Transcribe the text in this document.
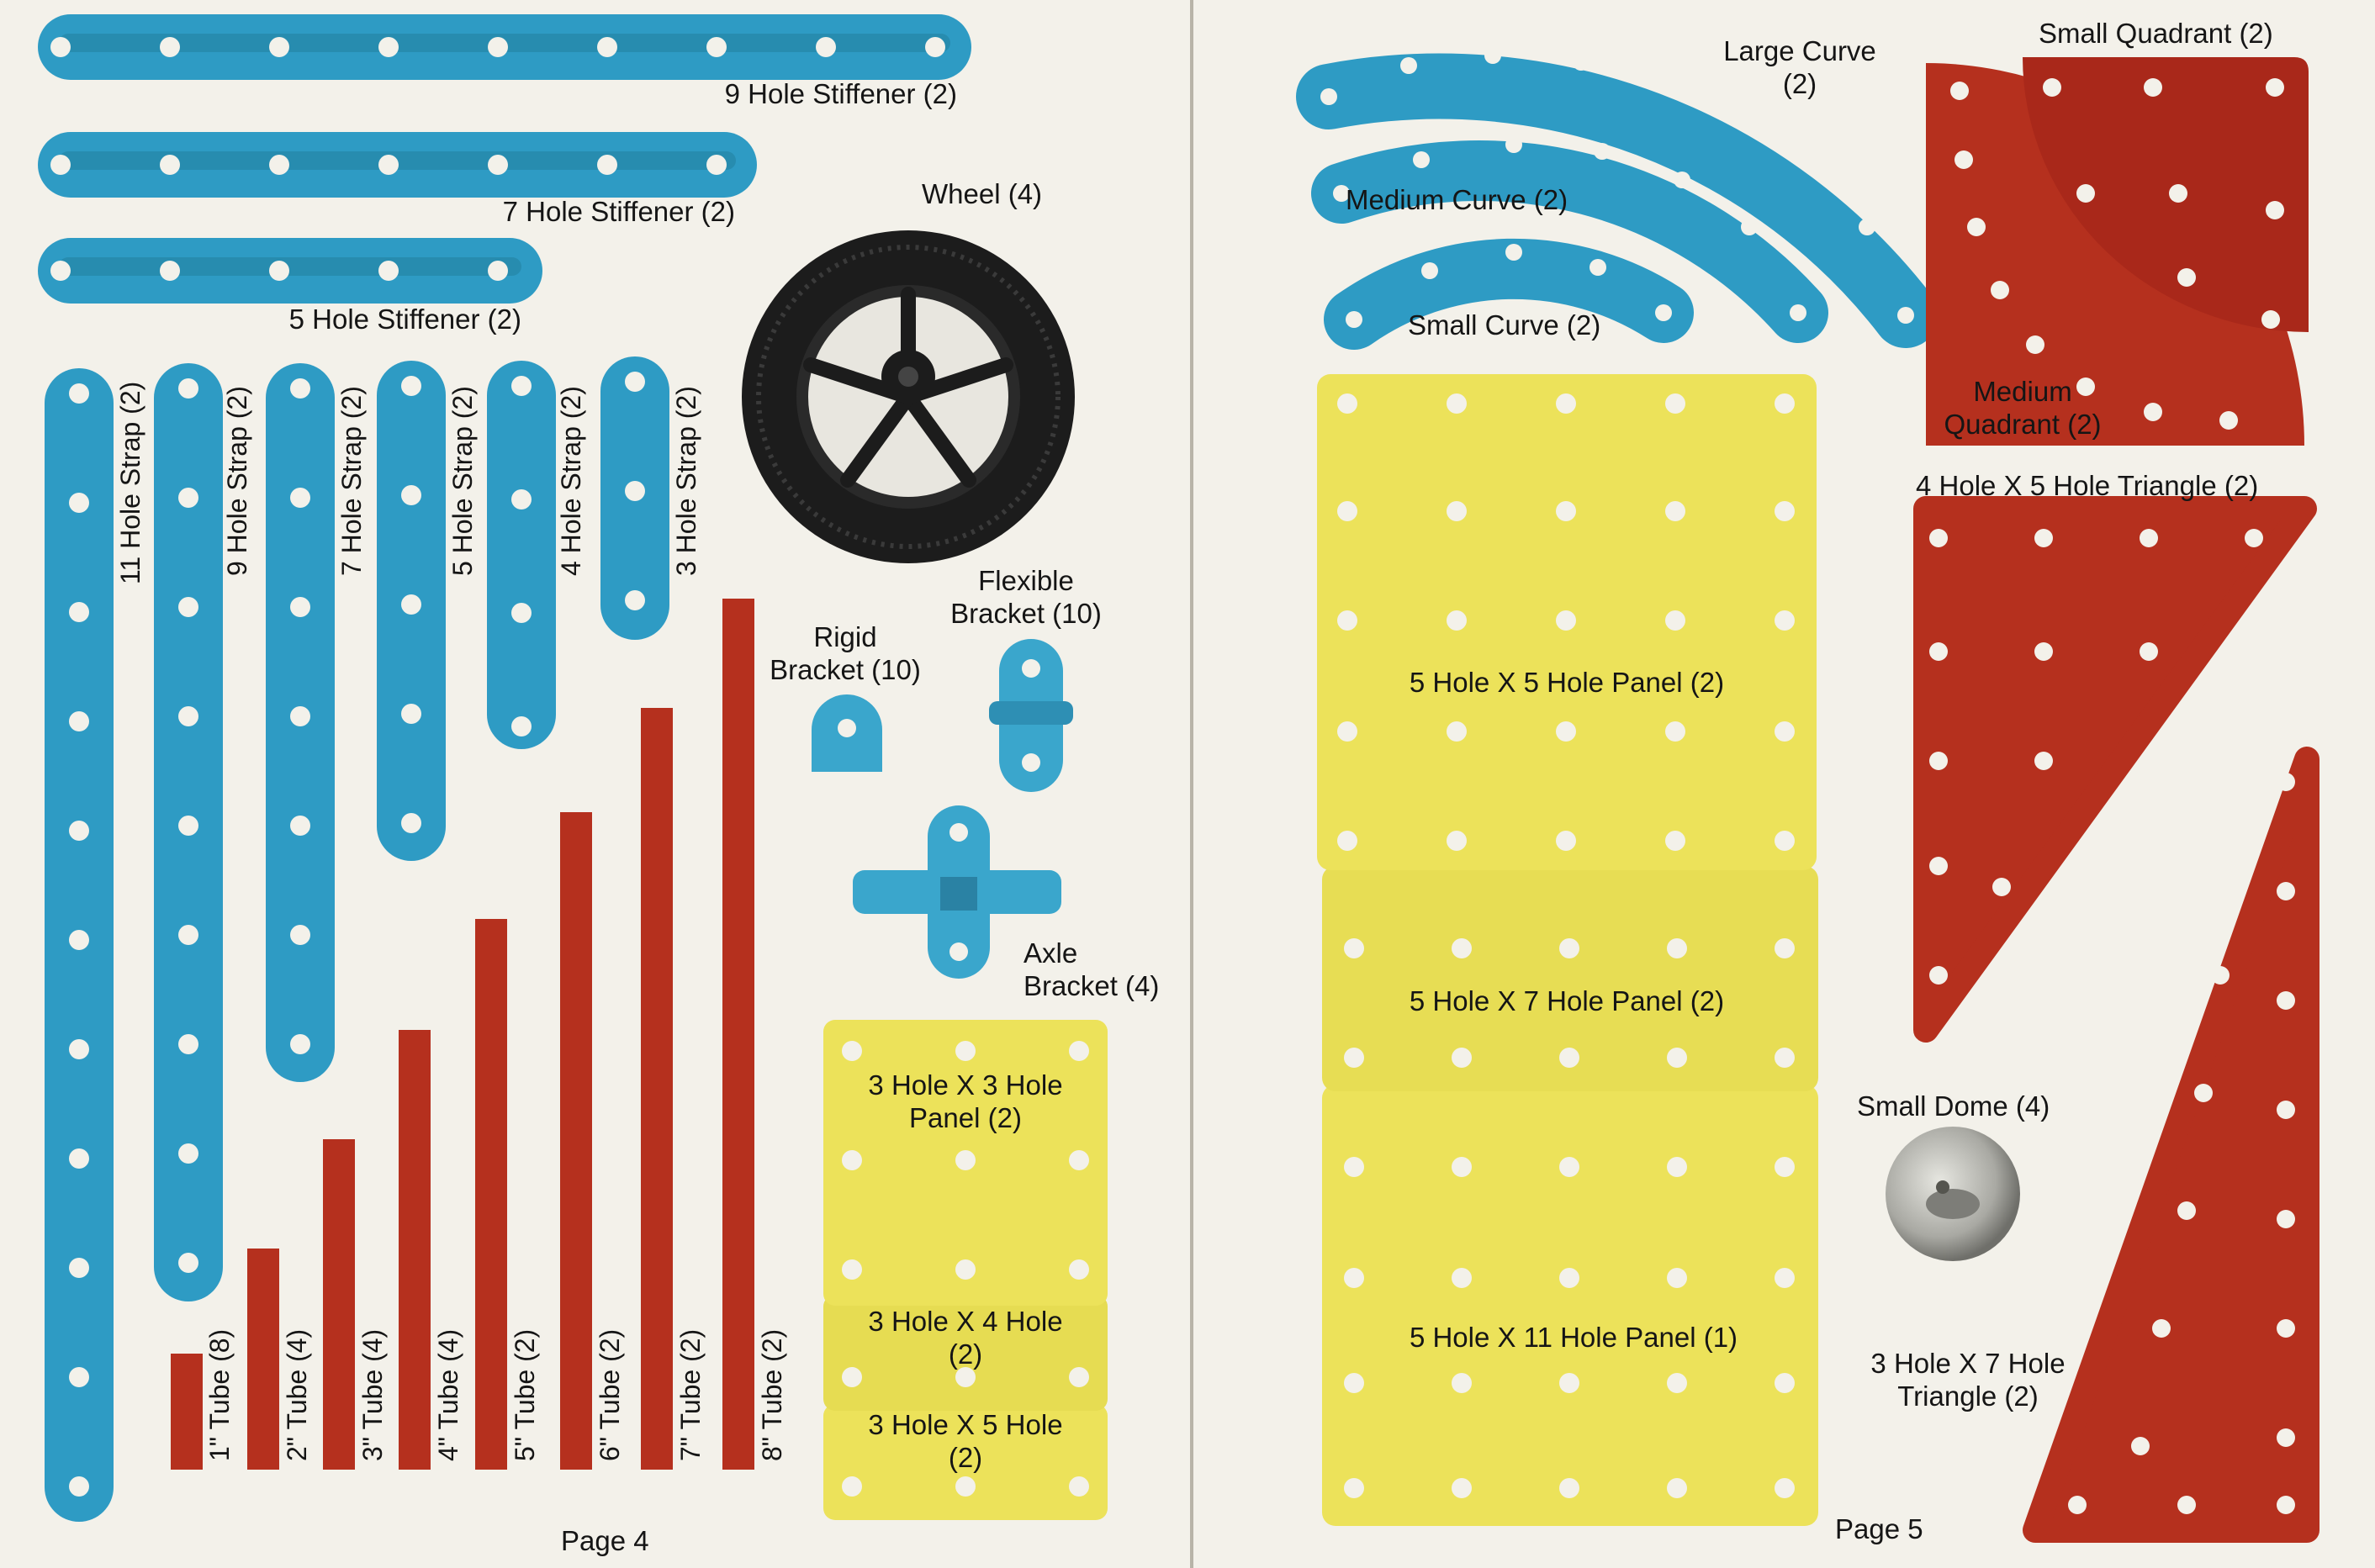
9 Hole Stiffener (2)
7 Hole Stiffener (2)
5 Hole Stiffener (2)
11 Hole Strap (2)	9 Hole Strap (2)	7 Hole Strap (2)	5 Hole Strap (2)	4 Hole Strap (2)	3 Hole Strap (2)
1" Tube (8) 2" Tube (4) 3" Tube (4) 4" Tube (4) 5" Tube (2) 6" Tube (2) 7" Tube (2) 8" Tube (2)
Wheel (4)
Rigid
Bracket (10)
Flexible
Bracket (10)
Axle
Bracket (4)
3 Hole X 3 Hole
Panel (2)
3 Hole X 4 Hole
(2)
3 Hole X 5 Hole
(2)
Page 4
Large Curve
(2)
Medium Curve (2)
Small Curve (2)
Small Quadrant (2)
Medium
Quadrant (2)
4 Hole X 5 Hole Triangle (2)
5 Hole X 5 Hole Panel (2)
5 Hole X 7 Hole Panel (2)
5 Hole X 11 Hole Panel (1)
Small Dome (4)
3 Hole X 7 Hole
Triangle (2)
Page 5
